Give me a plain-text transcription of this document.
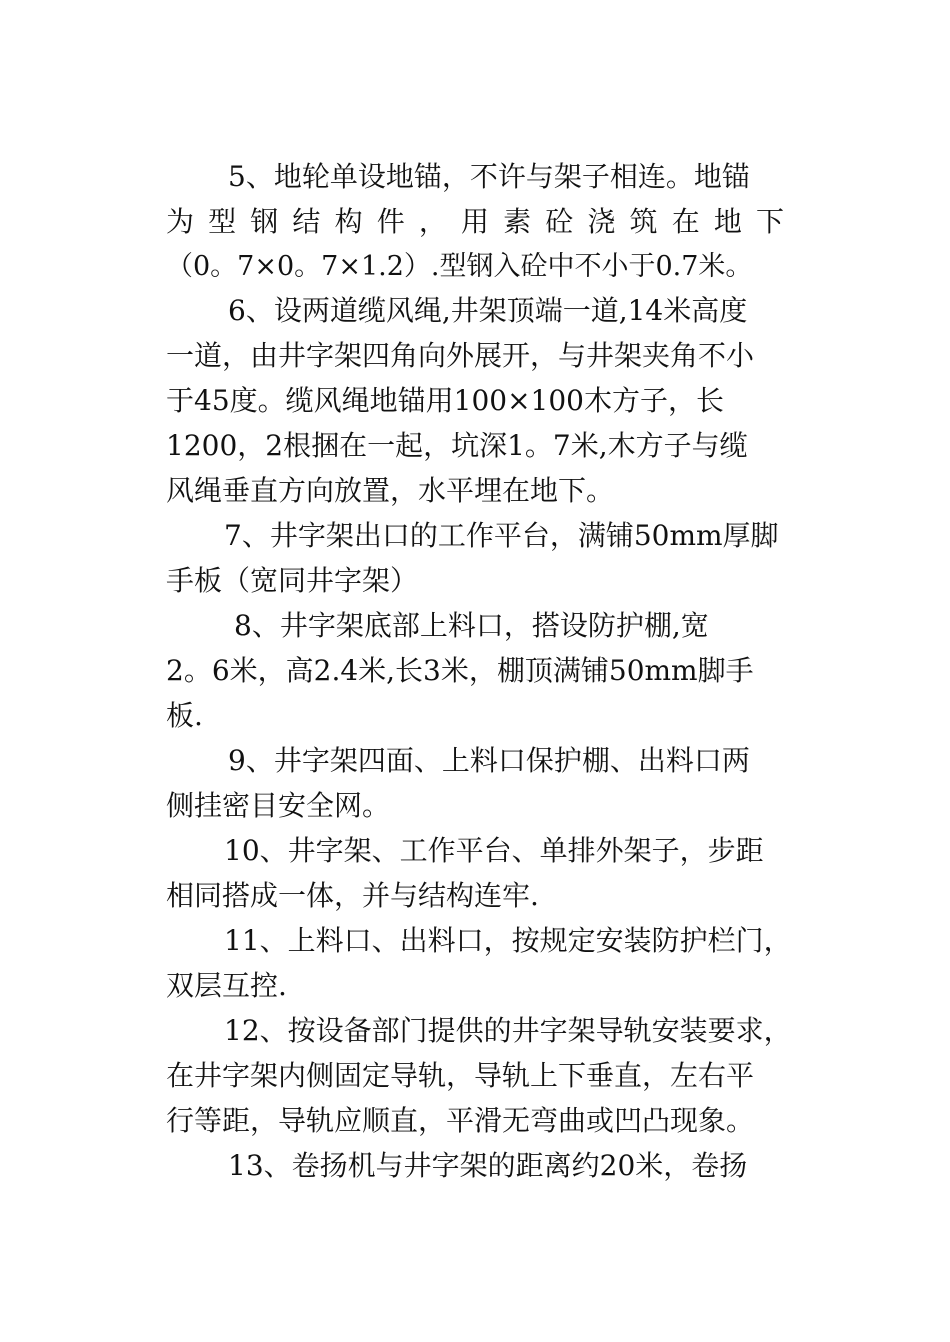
5、地轮单设地锚，不许与架子相连。地锚
为型钢结构件，用素砼浇筑在地下
（0。7×0。7×1.2）.型钢入砼中不小于0.7米。
6、设两道缆风绳,井架顶端一道,14米高度
一道，由井字架四角向外展开，与井架夹角不小
于45度。缆风绳地锚用100×100木方子，长
1200，2根捆在一起，坑深1。7米,木方子与缆
风绳垂直方向放置，水平埋在地下。
7、井字架出口的工作平台，满铺50mm厚脚
手板（宽同井字架）
8、井字架底部上料口，搭设防护棚,宽
2。6米，高2.4米,长3米，棚顶满铺50mm脚手
板.
9、井字架四面、上料口保护棚、出料口两
侧挂密目安全网。
10、井字架、工作平台、单排外架子，步距
相同搭成一体，并与结构连牢.
11、上料口、出料口，按规定安装防护栏门，
双层互控.
12、按设备部门提供的井字架导轨安装要求，
在井字架内侧固定导轨，导轨上下垂直，左右平
行等距，导轨应顺直，平滑无弯曲或凹凸现象。
13、卷扬机与井字架的距离约20米，卷扬
